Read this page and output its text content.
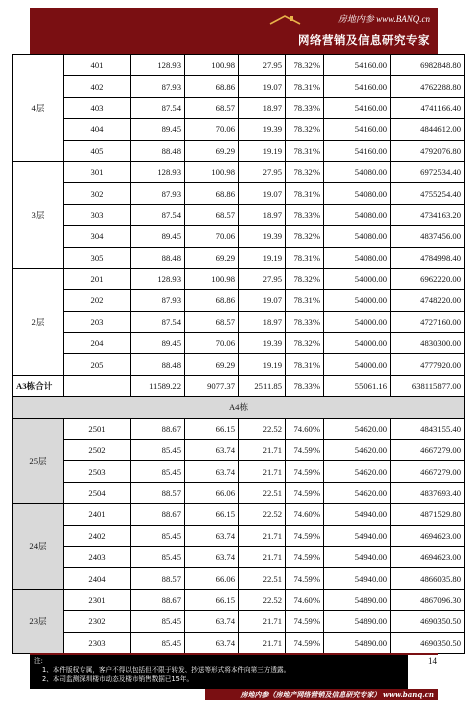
房地内参 www.BANQ.cn
网络营销及信息研究专家
4层	401	128.93	100.98	27.95	78.32%	54160.00	6982848.80
	402	87.93	68.86	19.07	78.31%	54160.00	4762288.80
	403	87.54	68.57	18.97	78.33%	54160.00	4741166.40
	404	89.45	70.06	19.39	78.32%	54160.00	4844612.00
	405	88.48	69.29	19.19	78.31%	54160.00	4792076.80
3层	301	128.93	100.98	27.95	78.32%	54080.00	6972534.40
	302	87.93	68.86	19.07	78.31%	54080.00	4755254.40
	303	87.54	68.57	18.97	78.33%	54080.00	4734163.20
	304	89.45	70.06	19.39	78.32%	54080.00	4837456.00
	305	88.48	69.29	19.19	78.31%	54080.00	4784998.40
2层	201	128.93	100.98	27.95	78.32%	54000.00	6962220.00
	202	87.93	68.86	19.07	78.31%	54000.00	4748220.00
	203	87.54	68.57	18.97	78.33%	54000.00	4727160.00
	204	89.45	70.06	19.39	78.32%	54000.00	4830300.00
	205	88.48	69.29	19.19	78.31%	54000.00	4777920.00
A3栋合计		11589.22	9077.37	2511.85	78.33%	55061.16	638115877.00
A4栋							
25层	2501	88.67	66.15	22.52	74.60%	54620.00	4843155.40
	2502	85.45	63.74	21.71	74.59%	54620.00	4667279.00
	2503	85.45	63.74	21.71	74.59%	54620.00	4667279.00
	2504	88.57	66.06	22.51	74.59%	54620.00	4837693.40
24层	2401	88.67	66.15	22.52	74.60%	54940.00	4871529.80
	2402	85.45	63.74	21.71	74.59%	54940.00	4694623.00
	2403	85.45	63.74	21.71	74.59%	54940.00	4694623.00
	2404	88.57	66.06	22.51	74.59%	54940.00	4866035.80
23层	2301	88.67	66.15	22.52	74.60%	54890.00	4867096.30
	2302	85.45	63.74	21.71	74.59%	54890.00	4690350.50
	2303	85.45	63.74	21.71	74.59%	54890.00	4690350.50
注:
1、本件版权专属，客户不得以包括但不限于转发、抄送等形式将本件向第三方透露。
2、本司监测深圳楼市动态及楼市销售数据已15年。
14
房地内参（房地产网络营销及信息研究专家） www.banq.cn
